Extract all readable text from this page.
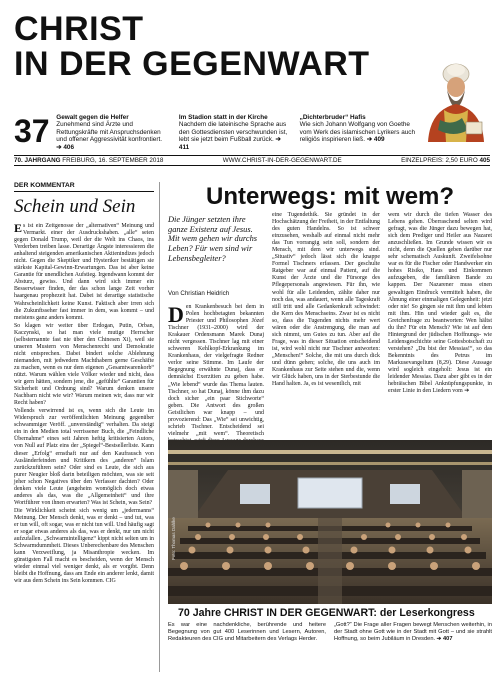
CHRIST
IN DER GEGENWART
37 Gewalt gegen die Helfer
Zunehmend sind Ärzte und Rettungskräfte mit Anspruchsdenken und offener Aggressivität konfrontiert. ➔ 406
Im Stadion statt in der Kirche
Nachdem die lateinische Sprache aus den Gottesdiensten verschwunden ist, lebt sie jetzt beim Fußball zurück. ➔ 411
„Dichterbruder“ Hafis
Wie sich Johann Wolfgang von Goethe vom Werk des islamischen Lyrikers auch religiös inspirieren ließ. ➔ 409
70. JAHRGANG FREIBURG, 16. SEPTEMBER 2018	WWW.CHRIST-IN-DER-GEGENWART.DE	EINZELPREIS: 2,50 EURO 405
DER KOMMENTAR
Schein und Sein

Es ist ein Zeitgenosse der „alternativen“ Meinung und Vermarkt. einer der Ausdruckshaben. „alle“ seien gegen Donald Trump, weil der die Welt ins Chaos, ins Verderben treiben lasse. Derartige Ängste interessieren die anhaltend steigenden amerikanischen Aktienindizes jedoch nicht. Gegen die Skeptiker und Hysteriker bestätigen sie stärkste Kapital-Gewinn-Erwartungen. Das ist aber keine Garantie für unendlichen Aufstieg. Irgendwann kommt der Absturz, gewiss. Und dann wird sich immer ein Besserwisser finden, der das schon lange Zeit vorher haargenau prophezeit hat. Dabei ist derartige statistische Wahrscheinlichkeit keine Kunst. Faktisch aber irren sich die Zukunftsseher fast immer in dem, was kommt – und meistens ganz anders kommt.

So klagen wir weiter über Erdogan, Putin, Orban, Kaczynski, so hat man viele mutige Herrscher (selbsternannte fast nie über den Chinesen Xi), weil sie unseren Mustern von Menschenrecht und Demokratie nicht entsprechen. Dabei bindert solche Ablehnung niemanden, mit jedwedem Machthabern gerne Geschäfte zu machen, wenn es nur dem eigenen „Gesamtwarenkorb“ nützt. Warum wählen viele Völker wieder und nicht, dass wir gern hätten, sondern jene, die „gefühlte“ Garantien für Sicherheit und Ordnung sind? Warum denken unsere Nachbarn nicht wie wir? Warum meinen wir, dass nur wir Recht haben?

Vollends verwirrend ist es, wenn sich die Leute im Widerspruch zur veröffentlichten Meinung gegenüber schwammiger Veröff. „unverständig“ verhalten. Da steigt ein in den Medien total verrissener Buch, die „Feindliche Übernahme“ eines seit Jahren heftig kritisierten Autors, von Null auf Platz eins der „Spiegel“-Bestsellerliste. Kann dieser „Erfolg“ ernsthaft nur auf den Kaufrausch von Ausländerfeinden und Kritikern des „anderen“ Islam zurückzuführen sein? Oder sind es Leute, die sich aus purer Neugier bloß darin beteiligen möchten, was sie seit jeher schon Negatives über den Verfasser dachten? Oder denken viele Leute (angeheim womöglich doch etwas anderes als das, was die „Allgemeinheit“ und ihre Wortführer von ihnen erwarten? Was ist Schein, was Sein?

Die Wirklichkeit scheint sich wenig um „jedermanns“ Meinung. Der Mensch denkt, was er denkt – und tut, was er tun will, oft sogar, was er nicht tun will. Und häufig sagt er sogar etwas anderes als das, was er denkt, nur um nicht aufzufallen. „Schwarmintelligenz“ kippt nicht selten um in Schwarmdummheit. Dieses Unberechenbare des Menschen kann Verzweiflung, ja Misanthropie wecken. Im günstigsten Fall macht es bescheiden, wenn der Mensch wieder einmal viel weniger denkt, als er vorgibt. Denn bleibt die Hoffnung, dass am Ende ein anderer lenkt, damit wir aus dem Schein ins Sein kommen. CIG

Unterwegs: mit wem?
Die Jünger setzten ihre ganze Existenz auf Jesus. Mit wem gehen wir durchs Leben? Für wen sind wir Lebensbegleiter?
Von Christian Heidrich
Den Krankenbesuch bei dem in Polen hochbetagten bekannten Priester und Philosophen Józef Tischner (1931–2000) wird der Krakauer Ordensmann Marek Dunaj nicht vergessen. Tischner lag mit einer schweren Kehlkopf-Erkrankung im Krankenhaus, der vielgefragte Redner verlor seine Stimme. Im Laufe der Begegnung erwähnte Dunaj, dass er demnächst Exerzitien zu geben habe. „Wie lebend“ wurde das Thema lauten. Tischner, so hat Dunaj, könne ihm dazu doch sicher „ein paar Stichworte“ geben. Die Antwort des großen Geistlichen war knapp – und provozierend: Das „Wie“ sei unwichtig, schrieb Tischner. Entscheidend sei vielmehr „mit wem“. Theoretisch
eine Tugendethik. Sie gründet in der Hochschätzung der Freiheit, in der Entfaltung des guten Handelns. So ist schwer einzusehen, weshalb auf einmal nicht mehr das Tun vorrangig sein soll, sondern der Mensch, mit dem wir unterwegs sind. „Situativ“ jedoch lässt sich die knappe Formel Tischners erfassen. Der geschulte Ratgeber war auf einmal Patient, auf die Kunst der Ärzte und die Fürsorge des Pflegepersonals angewiesen. Für ihn, wie wohl für alle Leidenden, zählte daher nur noch das, was andauert, wenn alle Tageskraft still tritt und alle Gedankenkraft schwindet: die Kern des Menschseins. Zwar ist es nicht so, dass die Tugenden nichts mehr wert wären oder die Anstrengung, die man auf sich nimmt, um Gutes zu tun. Aber auf die Frage, was in dieser Situation entscheidend ist, wird wohl nicht nur Tischner antworten: „Menschen!“ Solche, die mit uns durch dick und dünn gehen; solche, die uns auch im Krankenhaus zur Seite stehen und die, wenn wir Glück haben, uns in der Sterbestunde die Hand halten. Ja, es ist wesentlich, mit
wem wir durch die tiefen Wasser des Lebens gehen. Überraschend selten wird gefragt, was die Jünger dazu bewegen hat, sich dem Prediger und Heiler aus Nazaret anzuschließen. Im Grunde wissen wir es nicht, denn die Quellen geben darüber nur sehr schematisch Auskunft. Zweifelsohne war es für die Fischer oder Handwerker ein hohes Risiko, Haus und Einkommen aufzugeben, die familiären Bande zu kappen. Der Nazarener muss einen gewaltigen Eindruck vermittelt haben, die Ahnung einer einmaligen Gelegenheit: jetzt oder nie! So gingen sie mit ihm und lebten mit ihm. Hin und wieder galt es, die Gretchenfrage zu beantworten: Wen hältst du ihn? Für ein Mensch? Wie ist auf dem Hintergrund der jüdischen Hoffnungs- wie Leidensgeschichte seine Gottesbotschaft zu verstehen? „Du bist der Messias!“, so das Bekenntnis des Petrus im Markusevangelium (8,29). Diese Aussage wird sogleich eingeholt: Jesus ist ein leidender Messias. Dazu aber gibt es in der hebräischen Bibel Anknüpfungspunkte, in erster Linie in den Liedern vom ➔
Foto: Thomas Dahlke
70 Jahre CHRIST IN DER GEGENWART: der Leserkongress
Es war eine nachdenkliche, berührende und heitere Begegnung von gut 400 Leserinnen und Lesern, Autoren, Redakteuren des CIG und Mitarbeitern des Verlags Herder.
„Gott?“ Die Frage aller Fragen bewegt Menschen weiterhin, in der Stadt ohne Gott wie in der Stadt mit Gott – und sie strahlt Hoffnung, so beim Jubiläum in Dresden. ➔ 407
